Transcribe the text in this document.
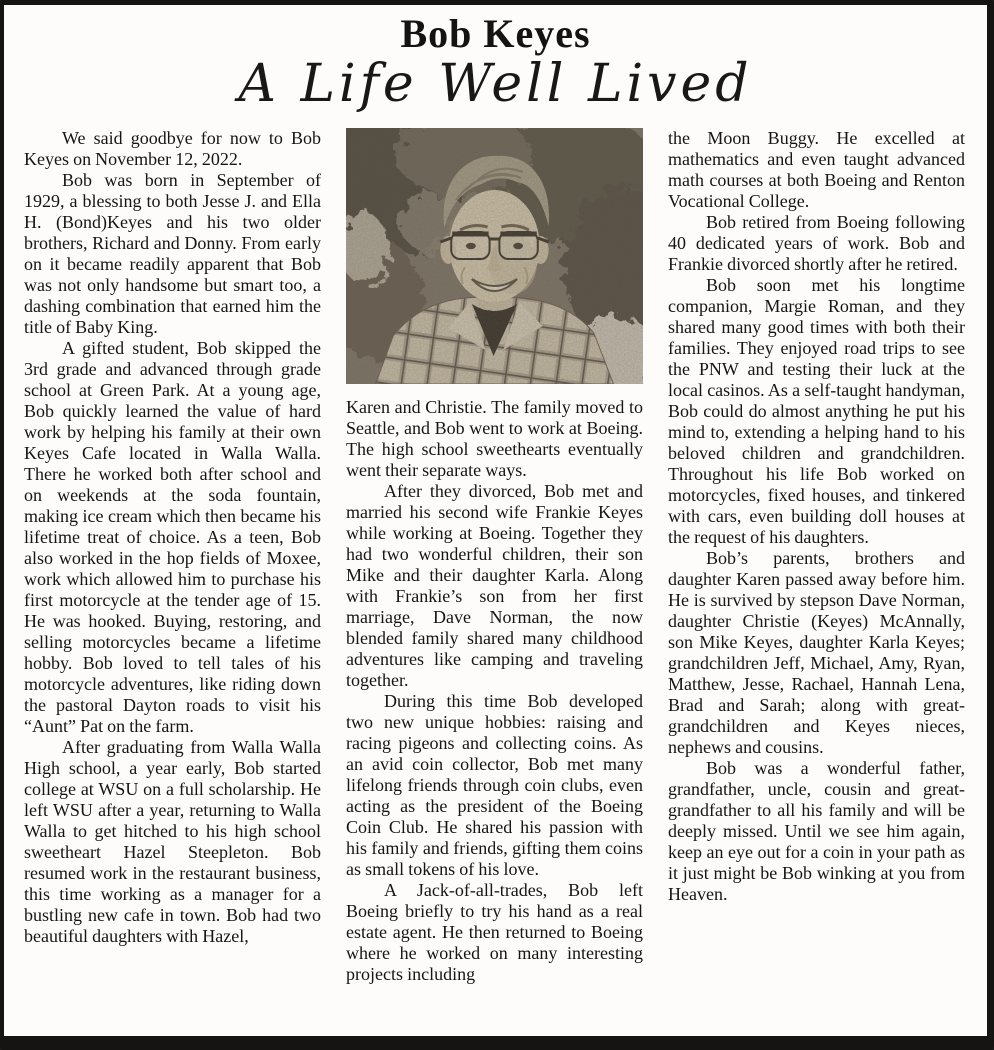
Bob Keyes
A Life Well Lived

We said goodbye for now to Bob Keyes on November 12, 2022.

Bob was born in September of 1929, a blessing to both Jesse J. and Ella H. (Bond)Keyes and his two older brothers, Richard and Donny. From early on it became readily apparent that Bob was not only handsome but smart too, a dashing combination that earned him the title of Baby King.

A gifted student, Bob skipped the 3rd grade and advanced through grade school at Green Park. At a young age, Bob quickly learned the value of hard work by helping his family at their own Keyes Cafe located in Walla Walla. There he worked both after school and on weekends at the soda fountain, making ice cream which then became his lifetime treat of choice. As a teen, Bob also worked in the hop fields of Moxee, work which allowed him to purchase his first motorcycle at the tender age of 15. He was hooked. Buying, restoring, and selling motorcycles became a lifetime hobby. Bob loved to tell tales of his motorcycle adventures, like riding down the pastoral Dayton roads to visit his “Aunt” Pat on the farm.

After graduating from Walla Walla High school, a year early, Bob started college at WSU on a full scholarship. He left WSU after a year, returning to Walla Walla to get hitched to his high school sweetheart Hazel Steepleton. Bob resumed work in the restaurant business, this time working as a manager for a bustling new cafe in town. Bob had two beautiful daughters with Hazel,

Karen and Christie. The family moved to Seattle, and Bob went to work at Boeing. The high school sweethearts eventually went their separate ways.

After they divorced, Bob met and married his second wife Frankie Keyes while working at Boeing. Together they had two wonderful children, their son Mike and their daughter Karla. Along with Frankie’s son from her first marriage, Dave Norman, the now blended family shared many childhood adventures like camping and traveling together.

During this time Bob developed two new unique hobbies: raising and racing pigeons and collecting coins. As an avid coin collector, Bob met many lifelong friends through coin clubs, even acting as the president of the Boeing Coin Club. He shared his passion with his family and friends, gifting them coins as small tokens of his love.

A Jack-of-all-trades, Bob left Boeing briefly to try his hand as a real estate agent. He then returned to Boeing where he worked on many interesting projects including

the Moon Buggy. He excelled at mathematics and even taught advanced math courses at both Boeing and Renton Vocational College.

Bob retired from Boeing following 40 dedicated years of work. Bob and Frankie divorced shortly after he retired.

Bob soon met his longtime companion, Margie Roman, and they shared many good times with both their families. They enjoyed road trips to see the PNW and testing their luck at the local casinos. As a self-taught handyman, Bob could do almost anything he put his mind to, extending a helping hand to his beloved children and grandchildren. Throughout his life Bob worked on motorcycles, fixed houses, and tinkered with cars, even building doll houses at the request of his daughters.

Bob’s parents, brothers and daughter Karen passed away before him. He is survived by stepson Dave Norman, daughter Christie (Keyes) McAnnally, son Mike Keyes, daughter Karla Keyes; grandchildren Jeff, Michael, Amy, Ryan, Matthew, Jesse, Rachael, Hannah Lena, Brad and Sarah; along with great-grandchildren and Keyes nieces, nephews and cousins.

Bob was a wonderful father, grandfather, uncle, cousin and great-grandfather to all his family and will be deeply missed. Until we see him again, keep an eye out for a coin in your path as it just might be Bob winking at you from Heaven.
